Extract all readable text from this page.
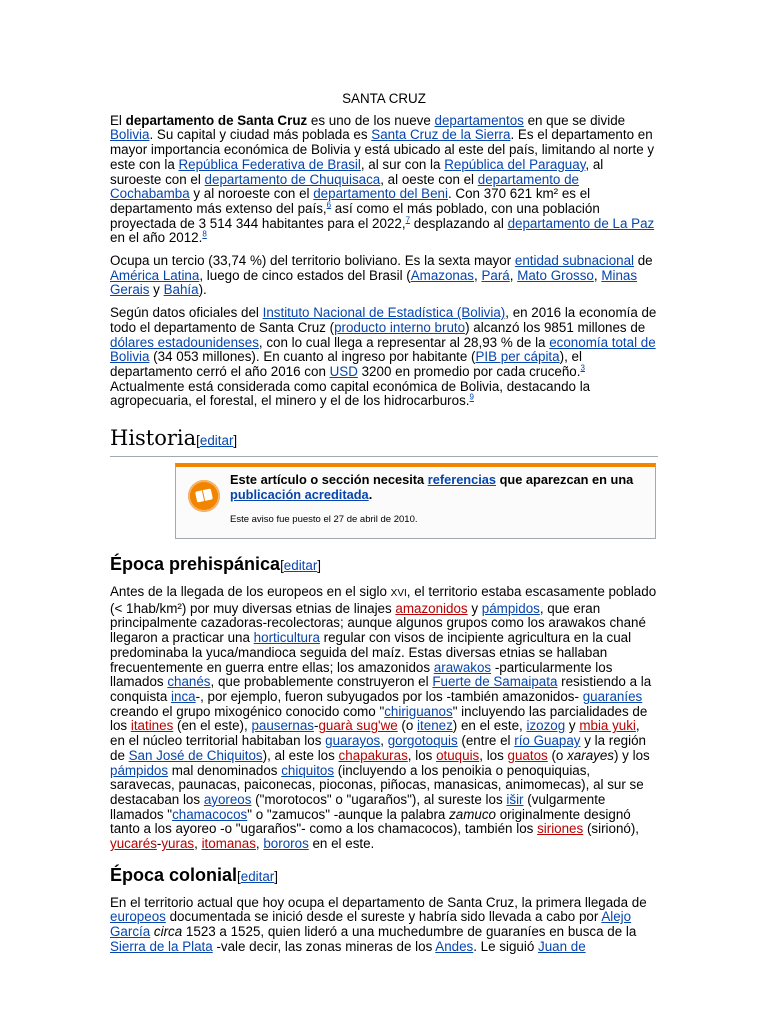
SANTA CRUZ

El departamento de Santa Cruz es uno de los nueve departamentos en que se divide Bolivia. Su capital y ciudad más poblada es Santa Cruz de la Sierra. Es el departamento en mayor importancia económica de Bolivia y está ubicado al este del país, limitando al norte y este con la República Federativa de Brasil, al sur con la República del Paraguay, al suroeste con el departamento de Chuquisaca, al oeste con el departamento de Cochabamba y al noroeste con el departamento del Beni. Con 370 621 km² es el departamento más extenso del país,$^6$ así como el más poblado, con una población proyectada de 3 514 344 habitantes para el 2022,$^7$ desplazando al departamento de La Paz en el año 2012.$^8$

Ocupa un tercio (33,74 %) del territorio boliviano. Es la sexta mayor entidad subnacional de América Latina, luego de cinco estados del Brasil (Amazonas, Pará, Mato Grosso, Minas Gerais y Bahía).

Según datos oficiales del Instituto Nacional de Estadística (Bolivia), en 2016 la economía de todo el departamento de Santa Cruz (producto interno bruto) alcanzó los 9851 millones de dólares estadounidenses, con lo cual llega a representar al 28,93 % de la economía total de Bolivia (34 053 millones). En cuanto al ingreso por habitante (PIB per cápita), el departamento cerró el año 2016 con USD 3200 en promedio por cada cruceño.$^3$ Actualmente está considerada como capital económica de Bolivia, destacando la agropecuaria, el forestal, el minero y el de los hidrocarburos.$^9$

Historia[editar]
Este artículo o sección necesita referencias que aparezcan en una publicación acreditada.
Este aviso fue puesto el 27 de abril de 2010.
Época prehispánica[editar]

Antes de la llegada de los europeos en el siglo XVI, el territorio estaba escasamente poblado (< 1hab/km²) por muy diversas etnias de linajes amazonidos y pámpidos, que eran principalmente cazadoras-recolectoras; aunque algunos grupos como los arawakos chané llegaron a practicar una horticultura regular con visos de incipiente agricultura en la cual predominaba la yuca/mandioca seguida del maíz. Estas diversas etnias se hallaban frecuentemente en guerra entre ellas; los amazonidos arawakos -particularmente los llamados chanés, que probablemente construyeron el Fuerte de Samaipata resistiendo a la conquista inca-, por ejemplo, fueron subyugados por los -también amazonidos- guaraníes creando el grupo mixogénico conocido como "chiriguanos" incluyendo las parcialidades de los itatines (en el este), pausernas-guarà sug'we (o itenez) en el este, izozog y mbia yuki, en el núcleo territorial habitaban los guarayos, gorgotoquis (entre el río Guapay y la región de San José de Chiquitos), al este los chapakuras, los otuquis, los guatos (o xarayes) y los pámpidos mal denominados chiquitos (incluyendo a los penoikia o penoquiquias, saravecas, paunacas, paiconecas, pioconas, piñocas, manasicas, animomecas), al sur se destacaban los ayoreos ("morotocos" o "ugaraños"), al sureste los išir (vulgarmente llamados "chamacocos" o "zamucos" -aunque la palabra zamuco originalmente designó tanto a los ayoreo -o "ugaraños"- como a los chamacocos), también los siriones (sirionó), yucarés-yuras, itomanas, bororos en el este.

Época colonial[editar]

En el territorio actual que hoy ocupa el departamento de Santa Cruz, la primera llegada de europeos documentada se inició desde el sureste y habría sido llevada a cabo por Alejo García circa 1523 a 1525, quien lideró a una muchedumbre de guaraníes en busca de la Sierra de la Plata -vale decir, las zonas mineras de los Andes. Le siguió Juan de
